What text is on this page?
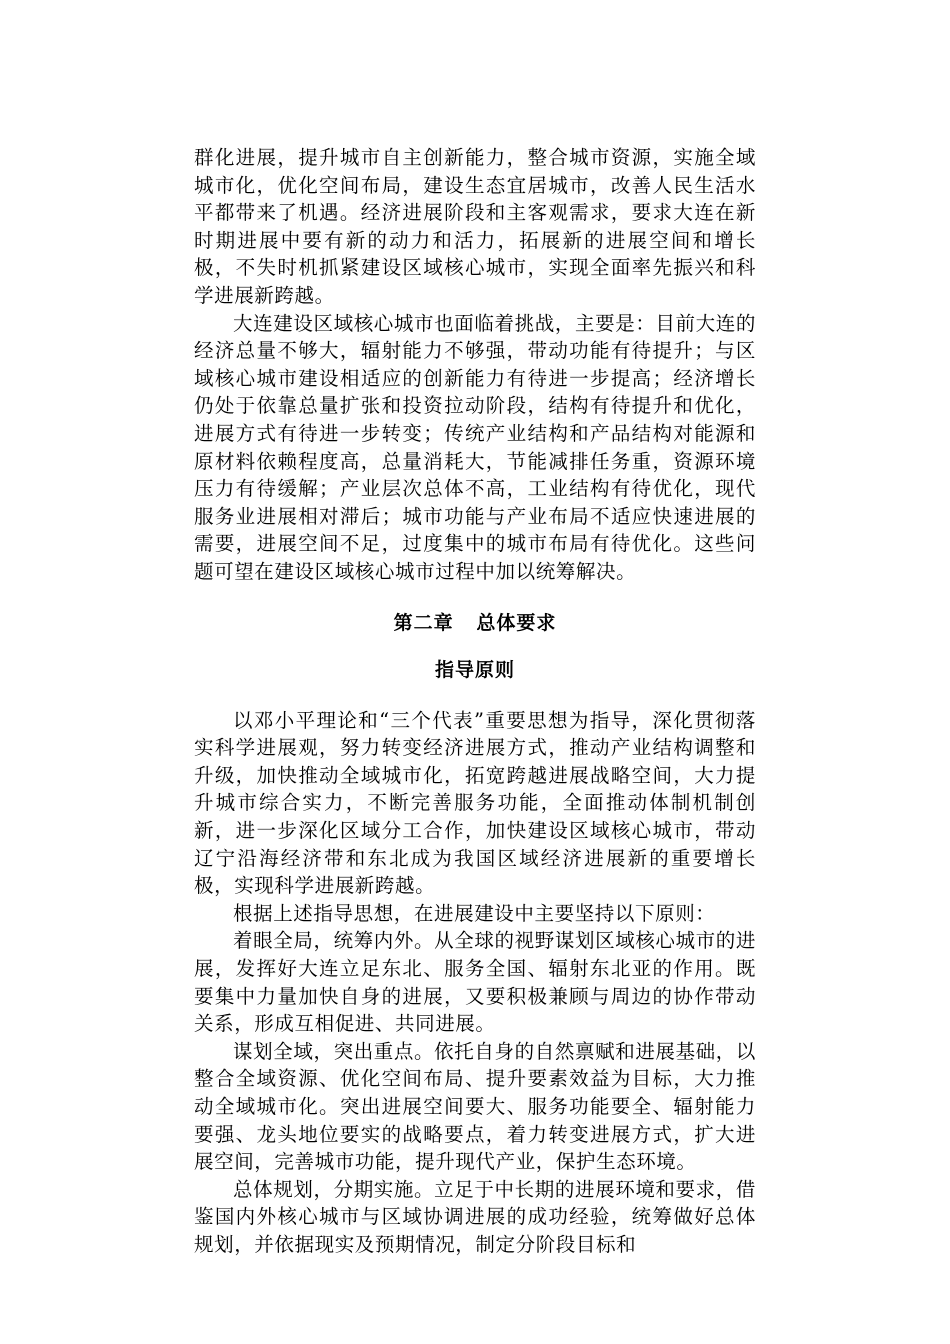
群化进展，提升城市自主创新能力，整合城市资源，实施全域城市化，优化空间布局，建设生态宜居城市，改善人民生活水平都带来了机遇。经济进展阶段和主客观需求，要求大连在新时期进展中要有新的动力和活力，拓展新的进展空间和增长极，不失时机抓紧建设区域核心城市，实现全面率先振兴和科学进展新跨越。

大连建设区域核心城市也面临着挑战，主要是：目前大连的经济总量不够大，辐射能力不够强，带动功能有待提升；与区域核心城市建设相适应的创新能力有待进一步提高；经济增长仍处于依靠总量扩张和投资拉动阶段，结构有待提升和优化，进展方式有待进一步转变；传统产业结构和产品结构对能源和原材料依赖程度高，总量消耗大，节能减排任务重，资源环境压力有待缓解；产业层次总体不高，工业结构有待优化，现代服务业进展相对滞后；城市功能与产业布局不适应快速进展的需要，进展空间不足，过度集中的城市布局有待优化。这些问题可望在建设区域核心城市过程中加以统筹解决。

第二章 总体要求
指导原则

以邓小平理论和“三个代表”重要思想为指导，深化贯彻落实科学进展观，努力转变经济进展方式，推动产业结构调整和升级，加快推动全域城市化，拓宽跨越进展战略空间，大力提升城市综合实力，不断完善服务功能，全面推动体制机制创新，进一步深化区域分工合作，加快建设区域核心城市，带动辽宁沿海经济带和东北成为我国区域经济进展新的重要增长极，实现科学进展新跨越。

根据上述指导思想，在进展建设中主要坚持以下原则：

着眼全局，统筹内外。从全球的视野谋划区域核心城市的进展，发挥好大连立足东北、服务全国、辐射东北亚的作用。既要集中力量加快自身的进展，又要积极兼顾与周边的协作带动关系，形成互相促进、共同进展。

谋划全域，突出重点。依托自身的自然禀赋和进展基础，以整合全域资源、优化空间布局、提升要素效益为目标，大力推动全域城市化。突出进展空间要大、服务功能要全、辐射能力要强、龙头地位要实的战略要点，着力转变进展方式，扩大进展空间，完善城市功能，提升现代产业，保护生态环境。

总体规划，分期实施。立足于中长期的进展环境和要求，借鉴国内外核心城市与区域协调进展的成功经验，统筹做好总体规划，并依据现实及预期情况，制定分阶段目标和
